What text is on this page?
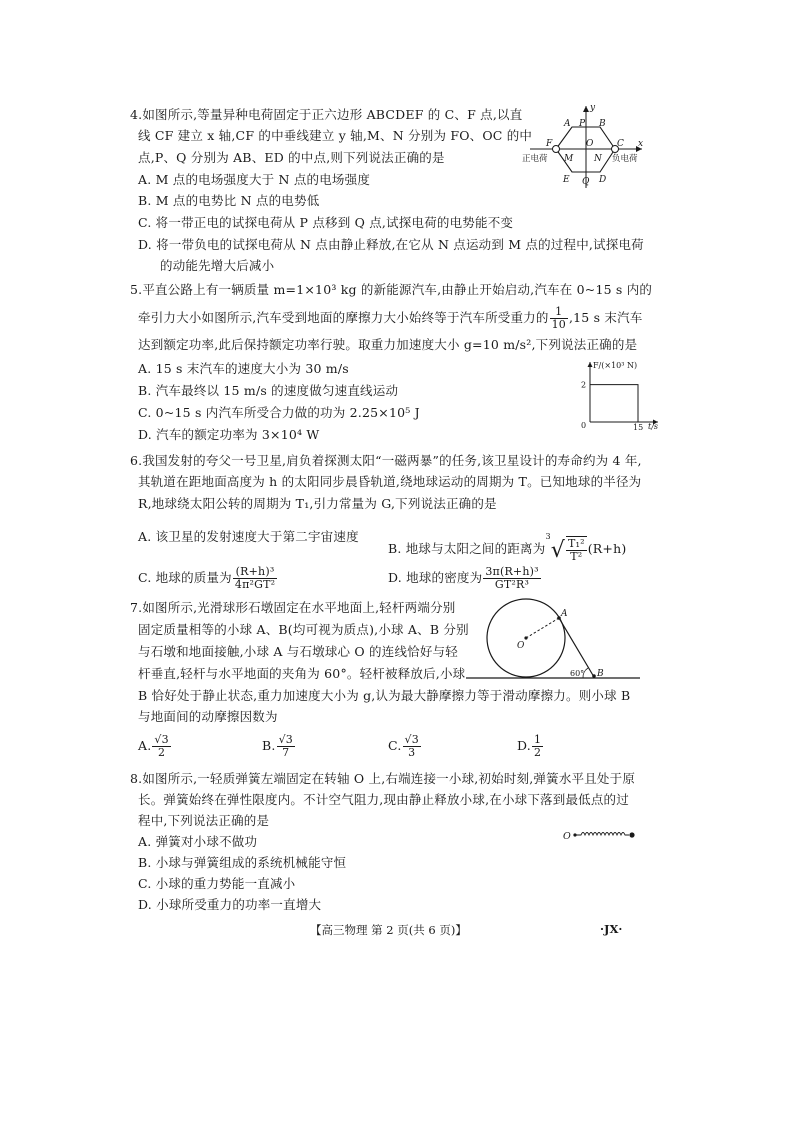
4.如图所示,等量异种电荷固定于正六边形 ABCDEF 的 C、F 点,以直
线 CF 建立 x 轴,CF 的中垂线建立 y 轴,M、N 分别为 FO、OC 的中
点,P、Q 分别为 AB、ED 的中点,则下列说法正确的是
A. M 点的电场强度大于 N 点的电场强度
B. M 点的电势比 N 点的电势低
C. 将一带正电的试探电荷从 P 点移到 Q 点,试探电荷的电势能不变
D. 将一带负电的试探电荷从 N 点由静止释放,在它从 N 点运动到 M 点的过程中,试探电荷
的动能先增大后减小
y
A P B
F	O	C x
正电荷 M N 负电荷
E Q D
5.平直公路上有一辆质量 m=1×10³ kg 的新能源汽车,由静止开始启动,汽车在 0~15 s 内的
牵引力大小如图所示,汽车受到地面的摩擦力大小始终等于汽车所受重力的 $\frac{1}{10} ,15$ s 末汽车
达到额定功率,此后保持额定功率行驶。取重力加速度大小 g=10 m/s²,下列说法正确的是
A. 15 s 末汽车的速度大小为 30 m/s
B. 汽车最终以 15 m/s 的速度做匀速直线运动
C. 0~15 s 内汽车所受合力做的功为 2.25×10⁵ J
D. 汽车的额定功率为 3×10⁴ W
F/(×10³ N)
t/s
0
2
15
6.我国发射的夸父一号卫星,肩负着探测太阳“一磁两暴”的任务,该卫星设计的寿命约为 4 年,
其轨道在距地面高度为 h 的太阳同步晨昏轨道,绕地球运动的周期为 T。已知地球的半径为
R,地球绕太阳公转的周期为 T₁,引力常量为 G,下列说法正确的是
A. 该卫星的发射速度大于第二宇宙速度
B. 地球与太阳之间的距离为$^3√ \frac{\text{T₁²}}{\text{T²}} (R+h)$
C. 地球的质量为 $\frac{\text{(R+h)³}}{\text{4π²GT²}}$	D. 地球的密度为 $\frac{\text{3π(R+h)³}}{\text{GT²R³}}$
7.如图所示,光滑球形石墩固定在水平地面上,轻杆两端分别
固定质量相等的小球 A、B(均可视为质点),小球 A、B 分别
与石墩和地面接触,小球 A 与石墩球心 O 的连线恰好与轻
杆垂直,轻杆与水平地面的夹角为 60°。轻杆被释放后,小球
B 恰好处于静止状态,重力加速度大小为 g,认为最大静摩擦力等于滑动摩擦力。则小球 B
与地面间的动摩擦因数为
A. $\frac{√3}{2}$	B. $\frac{√3}{7}$	C. $\frac{√3}{3}$	D. $\frac{1}{2}$
A
O
60° B
8.如图所示,一轻质弹簧左端固定在转轴 O 上,右端连接一小球,初始时刻,弹簧水平且处于原
长。弹簧始终在弹性限度内。不计空气阻力,现由静止释放小球,在小球下落到最低点的过
程中,下列说法正确的是
A. 弹簧对小球不做功
B. 小球与弹簧组成的系统机械能守恒
C. 小球的重力势能一直减小
D. 小球所受重力的功率一直增大
O
【高三物理 第 2 页(共 6 页)】	·JX·
